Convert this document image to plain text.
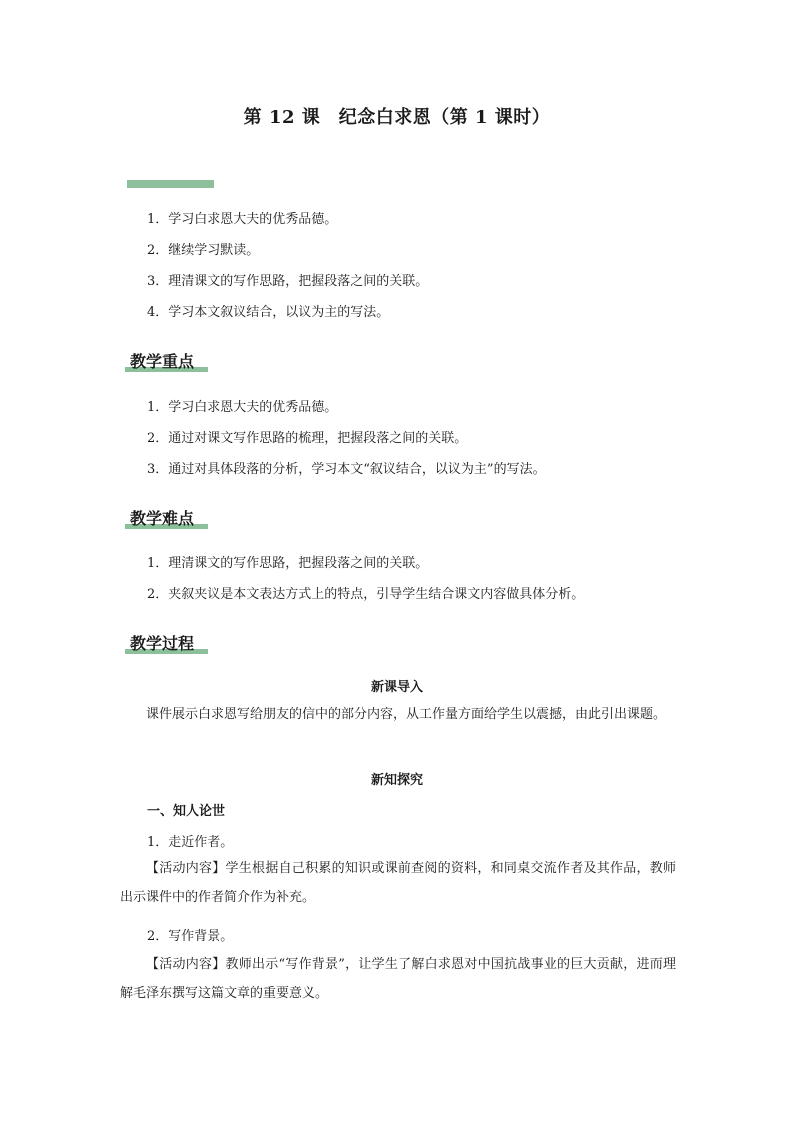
第 12 课　纪念白求恩（第 1 课时）
1．学习白求恩大夫的优秀品德。
2．继续学习默读。
3．理清课文的写作思路，把握段落之间的关联。
4．学习本文叙议结合，以议为主的写法。
教学重点
1．学习白求恩大夫的优秀品德。
2．通过对课文写作思路的梳理，把握段落之间的关联。
3．通过对具体段落的分析，学习本文“叙议结合，以议为主”的写法。
教学难点
1．理清课文的写作思路，把握段落之间的关联。
2．夹叙夹议是本文表达方式上的特点，引导学生结合课文内容做具体分析。
教学过程
新课导入
课件展示白求恩写给朋友的信中的部分内容，从工作量方面给学生以震撼，由此引出课题。
新知探究
一、知人论世
1．走近作者。
【活动内容】学生根据自己积累的知识或课前查阅的资料，和同桌交流作者及其作品，教师出示课件中的作者简介作为补充。
2．写作背景。
【活动内容】教师出示“写作背景”，让学生了解白求恩对中国抗战事业的巨大贡献，进而理解毛泽东撰写这篇文章的重要意义。
